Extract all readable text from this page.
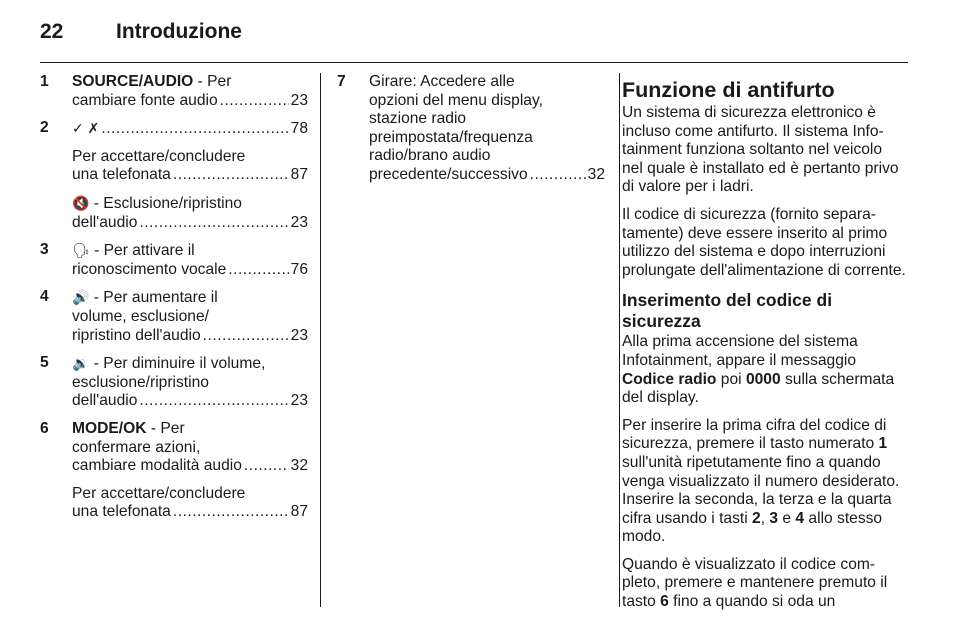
22	Introduzione
1 SOURCE/AUDIO - Per

cambiare fonte audio .....	23

2 ✓ ✗ .....	78

Per accettare/concludere

una telefonata .....	87

🔇 - Esclusione/ripristino

dell'audio .....	23

3 🗣 - Per attivare il

riconoscimento vocale .....	76

4 🔊 - Per aumentare il

volume, esclusione/

ripristino dell'audio .....	23

5 🔉 - Per diminuire il volume,

esclusione/ripristino

dell'audio .....	23

6 MODE/OK - Per

confermare azioni,

cambiare modalità audio .....	32

Per accettare/concludere

una telefonata .....	87

7 Girare: Accedere alle

opzioni del menu display,

stazione radio

preimpostata/frequenza

radio/brano audio

precedente/successivo .....	32

Funzione di antifurto

Un sistema di sicurezza elettronico è incluso come antifurto. Il sistema Infotainment funziona soltanto nel veicolo nel quale è installato ed è pertanto privo di valore per i ladri.

Il codice di sicurezza (fornito separatamente) deve essere inserito al primo utilizzo del sistema e dopo interruzioni prolungate dell'alimentazione di corrente.

Inserimento del codice di sicurezza

Alla prima accensione del sistema Infotainment, appare il messaggio Codice radio poi 0000 sulla schermata del display.

Per inserire la prima cifra del codice di sicurezza, premere il tasto numerato 1 sull'unità ripetutamente fino a quando venga visualizzato il numero desiderato. Inserire la seconda, la terza e la quarta cifra usando i tasti 2, 3 e 4 allo stesso modo.

Quando è visualizzato il codice completo, premere e mantenere premuto il tasto 6 fino a quando si oda un
